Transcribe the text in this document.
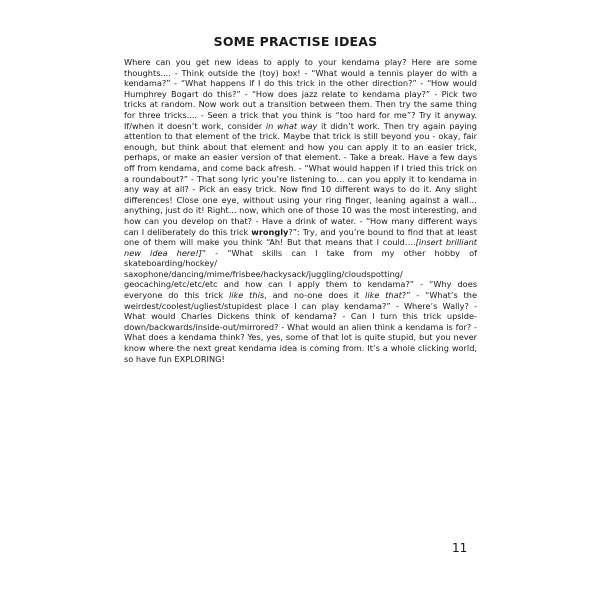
SOME PRACTISE IDEAS

Where can you get new ideas to apply to your kendama play? Here are some thoughts.... - Think outside the (toy) box! - “What would a tennis player do with a kendama?” - “What happens if I do this trick in the other direction?” - “How would Humphrey Bogart do this?” - “How does jazz relate to kendama play?” - Pick two tricks at random. Now work out a transition between them. Then try the same thing for three tricks.... - Seen a trick that you think is “too hard for me”? Try it anyway. If/when it doesn’t work, consider in what way it didn’t work. Then try again paying attention to that element of the trick. Maybe that trick is still beyond you - okay, fair enough, but think about that element and how you can apply it to an easier trick, perhaps, or make an easier version of that element. - Take a break. Have a few days off from kendama, and come back afresh. - “What would happen if I tried this trick on a roundabout?” - That song lyric you’re listening to… can you apply it to kendama in any way at all? - Pick an easy trick. Now find 10 different ways to do it. Any slight differences! Close one eye, without using your ring finger, leaning against a wall… anything, just do it! Right... now, which one of those 10 was the most interesting, and how can you develop on that? - Have a drink of water. - “How many different ways can I deliberately do this trick wrongly?”: Try, and you’re bound to find that at least one of them will make you think “Ah! But that means that I could….[insert brilliant new idea here!]” - “What skills can I take from my other hobby of skateboarding/hockey/ saxophone/dancing/mime/frisbee/hackysack/juggling/cloudspotting/ geocaching/etc/etc/etc and how can I apply them to kendama?” - “Why does everyone do this trick like this, and no-one does it like that?” - “What’s the weirdest/coolest/ugliest/stupidest place I can play kendama?” - Where’s Wally? - What would Charles Dickens think of kendama? - Can I turn this trick upside-down/backwards/inside-out/mirrored? - What would an alien think a kendama is for? - What does a kendama think? Yes, yes, some of that lot is quite stupid, but you never know where the next great kendama idea is coming from. It’s a whole clicking world, so have fun EXPLORING!

11
